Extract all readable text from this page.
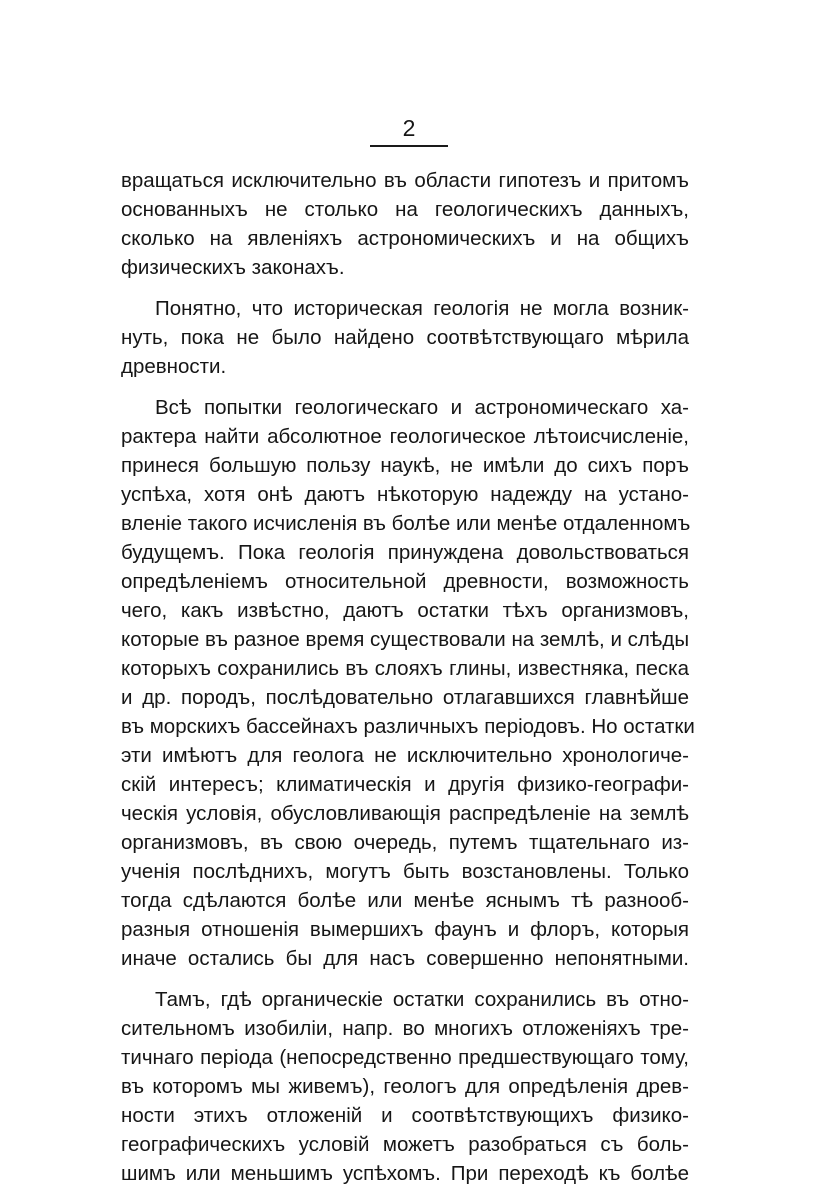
2
вращаться исключительно въ области гипотезъ и притомъ
основанныхъ не столько на геологическихъ данныхъ,
сколько на явленіяхъ астрономическихъ и на общихъ
физическихъ законахъ.
Понятно, что историческая геологія не могла возник-
нуть, пока не было найдено соотвѣтствующаго мѣрила
древности.
Всѣ попытки геологическаго и астрономическаго ха-
рактера найти абсолютное геологическое лѣтоисчисленіе,
принеся большую пользу наукѣ, не имѣли до сихъ поръ
успѣха, хотя онѣ даютъ нѣкоторую надежду на устано-
вленіе такого исчисленія въ болѣе или менѣе отдаленномъ
будущемъ. Пока геологія принуждена довольствоваться
опредѣленіемъ относительной древности, возможность
чего, какъ извѣстно, даютъ остатки тѣхъ организмовъ,
которые въ разное время существовали на землѣ, и слѣды
которыхъ сохранились въ слояхъ глины, известняка, песка
и др. породъ, послѣдовательно отлагавшихся главнѣйше
въ морскихъ бассейнахъ различныхъ періодовъ. Но остатки
эти имѣютъ для геолога не исключительно хронологиче-
скій интересъ; климатическія и другія физико-географи-
ческія условія, обусловливающія распредѣленіе на землѣ
организмовъ, въ свою очередь, путемъ тщательнаго из-
ученія послѣднихъ, могутъ быть возстановлены. Только
тогда сдѣлаются болѣе или менѣе яснымъ тѣ разнооб-
разныя отношенія вымершихъ фаунъ и флоръ, которыя
иначе остались бы для насъ совершенно непонятными.
Тамъ, гдѣ органическіе остатки сохранились въ отно-
сительномъ изобиліи, напр. во многихъ отложеніяхъ тре-
тичнаго періода (непосредственно предшествующаго тому,
въ которомъ мы живемъ), геологъ для опредѣленія древ-
ности этихъ отложеній и соотвѣтствующихъ физико-
географическихъ условій можетъ разобраться съ боль-
шимъ или меньшимъ успѣхомъ. При переходѣ къ болѣе
